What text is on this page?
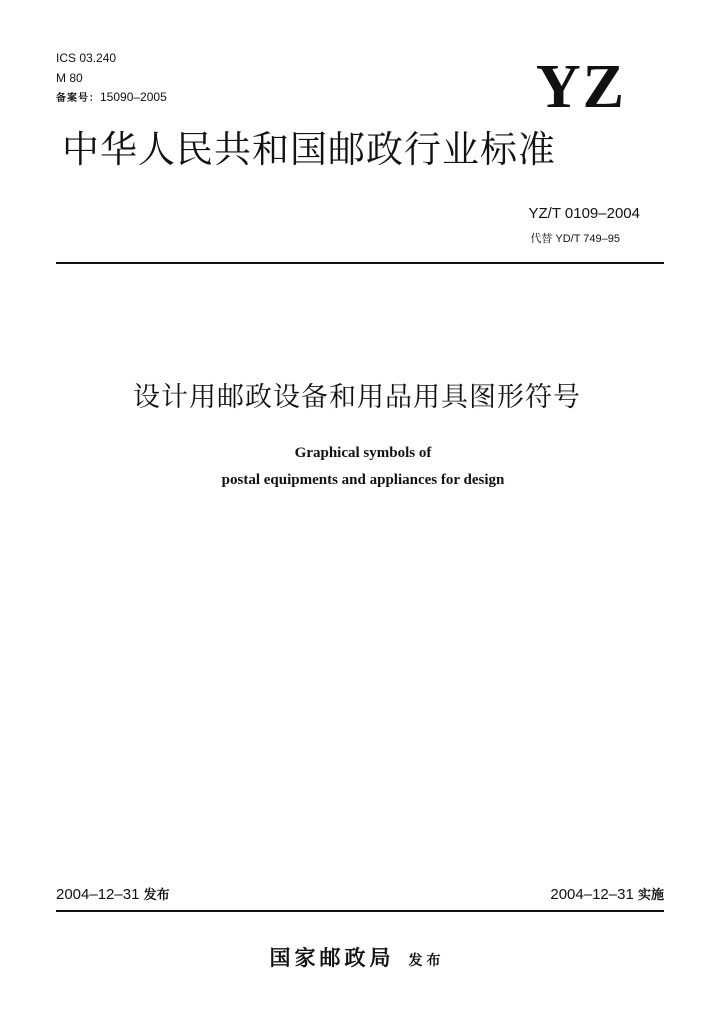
ICS 03.240
M 80
备案号：15090–2005	YZ
中华人民共和国邮政行业标准
YZ/T 0109–2004
代替 YD/T 749–95
设计用邮政设备和用品用具图形符号
Graphical symbols of
postal equipments and appliances for design
2004–12–31 发布	2004–12–31 实施
国家邮政局 发布
